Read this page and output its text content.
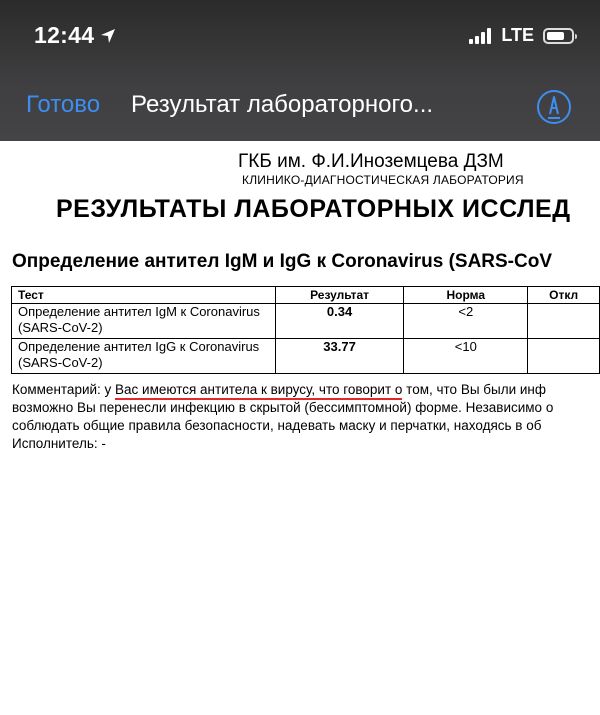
12:44	LTE
Готово Результат лабораторного...
ГКБ им. Ф.И.Иноземцева ДЗМ
КЛИНИКО-ДИАГНОСТИЧЕСКАЯ ЛАБОРАТОРИЯ
РЕЗУЛЬТАТЫ ЛАБОРАТОРНЫХ ИССЛЕД
Определение антител IgM и IgG к Coronavirus (SARS-CoV
Тест	Результат	Норма	Откл

Определение антител IgM к Coronavirus
(SARS-CoV-2)	0.34	<2	

Определение антител IgG к Coronavirus
(SARS-CoV-2)	33.77	<10	
Комментарий: у Вас имеются антитела к вирусу, что говорит о том, что Вы были инф
возможно Вы перенесли инфекцию в скрытой (бессимптомной) форме. Независимо о
соблюдать общие правила безопасности, надевать маску и перчатки, находясь в об
Исполнитель: -
